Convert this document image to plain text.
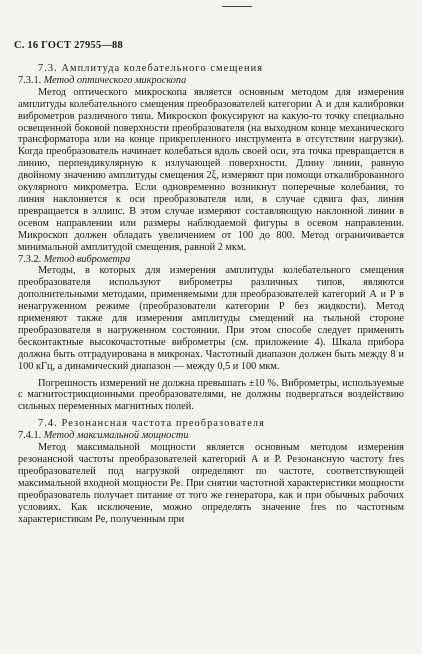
С. 16 ГОСТ 27955—88

7.3. Амплитуда колебательного смещения

7.3.1. Метод оптического микроскопа

Метод оптического микроскопа является основным методом для измерения амплитуды колебательного смещения преобразователей категории А и для калибровки виброметров различного типа. Микроскоп фокусируют на какую-то точку специально освещенной боковой поверхности преобразователя (на выходном конце механического трансформатора или на конце прикрепленного инструмента в отсутствии нагрузки). Когда преобразователь начинает колебаться вдоль своей оси, эта точка превращается в линию, перпендикулярную к излучающей поверхности. Длину линии, равную двойному значению амплитуды смещения 2ξ, измеряют при помощи откалиброванного окулярного микрометра. Если одновременно возникнут поперечные колебания, то линия наклоняется к оси преобразователя или, в случае сдвига фаз, линия превращается в эллипс. В этом случае измеряют составляющую наклонной линии в осевом направлении или размеры наблюдаемой фигуры в осевом направлении. Микроскоп должен обладать увеличением от 100 до 800. Метод ограничивается минимальной амплитудой смещения, равной 2 мкм.

7.3.2. Метод виброметра

Методы, в которых для измерения амплитуды колебательного смещения преобразователя используют виброметры различных типов, являются дополнительными методами, применяемыми для преобразователей категорий А и Р в ненагруженном режиме (преобразователи категории Р без жидкости). Метод применяют также для измерения амплитуды смещений на тыльной стороне преобразователя в нагруженном состоянии. При этом способе следует применять бесконтактные высокочастотные виброметры (см. приложение 4). Шкала прибора должна быть отградуирована в микронах. Частотный диапазон должен быть между 8 и 100 кГц, а динамический диапазон — между 0,5 и 100 мкм.

Погрешность измерений не должна превышать ±10 %. Виброметры, используемые с магнитострикционными преобразователями, не должны подвергаться воздействию сильных переменных магнитных полей.

7.4. Резонансная частота преобразователя

7.4.1. Метод максимальной мощности

Метод максимальной мощности является основным методом измерения резонансной частоты преобразователей категорий А и Р. Резонансную частоту fres преобразователей под нагрузкой определяют по частоте, соответствующей максимальной входной мощности Pe. При снятии частотной характеристики мощности преобразователь получает питание от того же генератора, как и при обычных рабочих условиях. Как исключение, можно определять значение fres по частотным характеристикам Pe, полученным при
